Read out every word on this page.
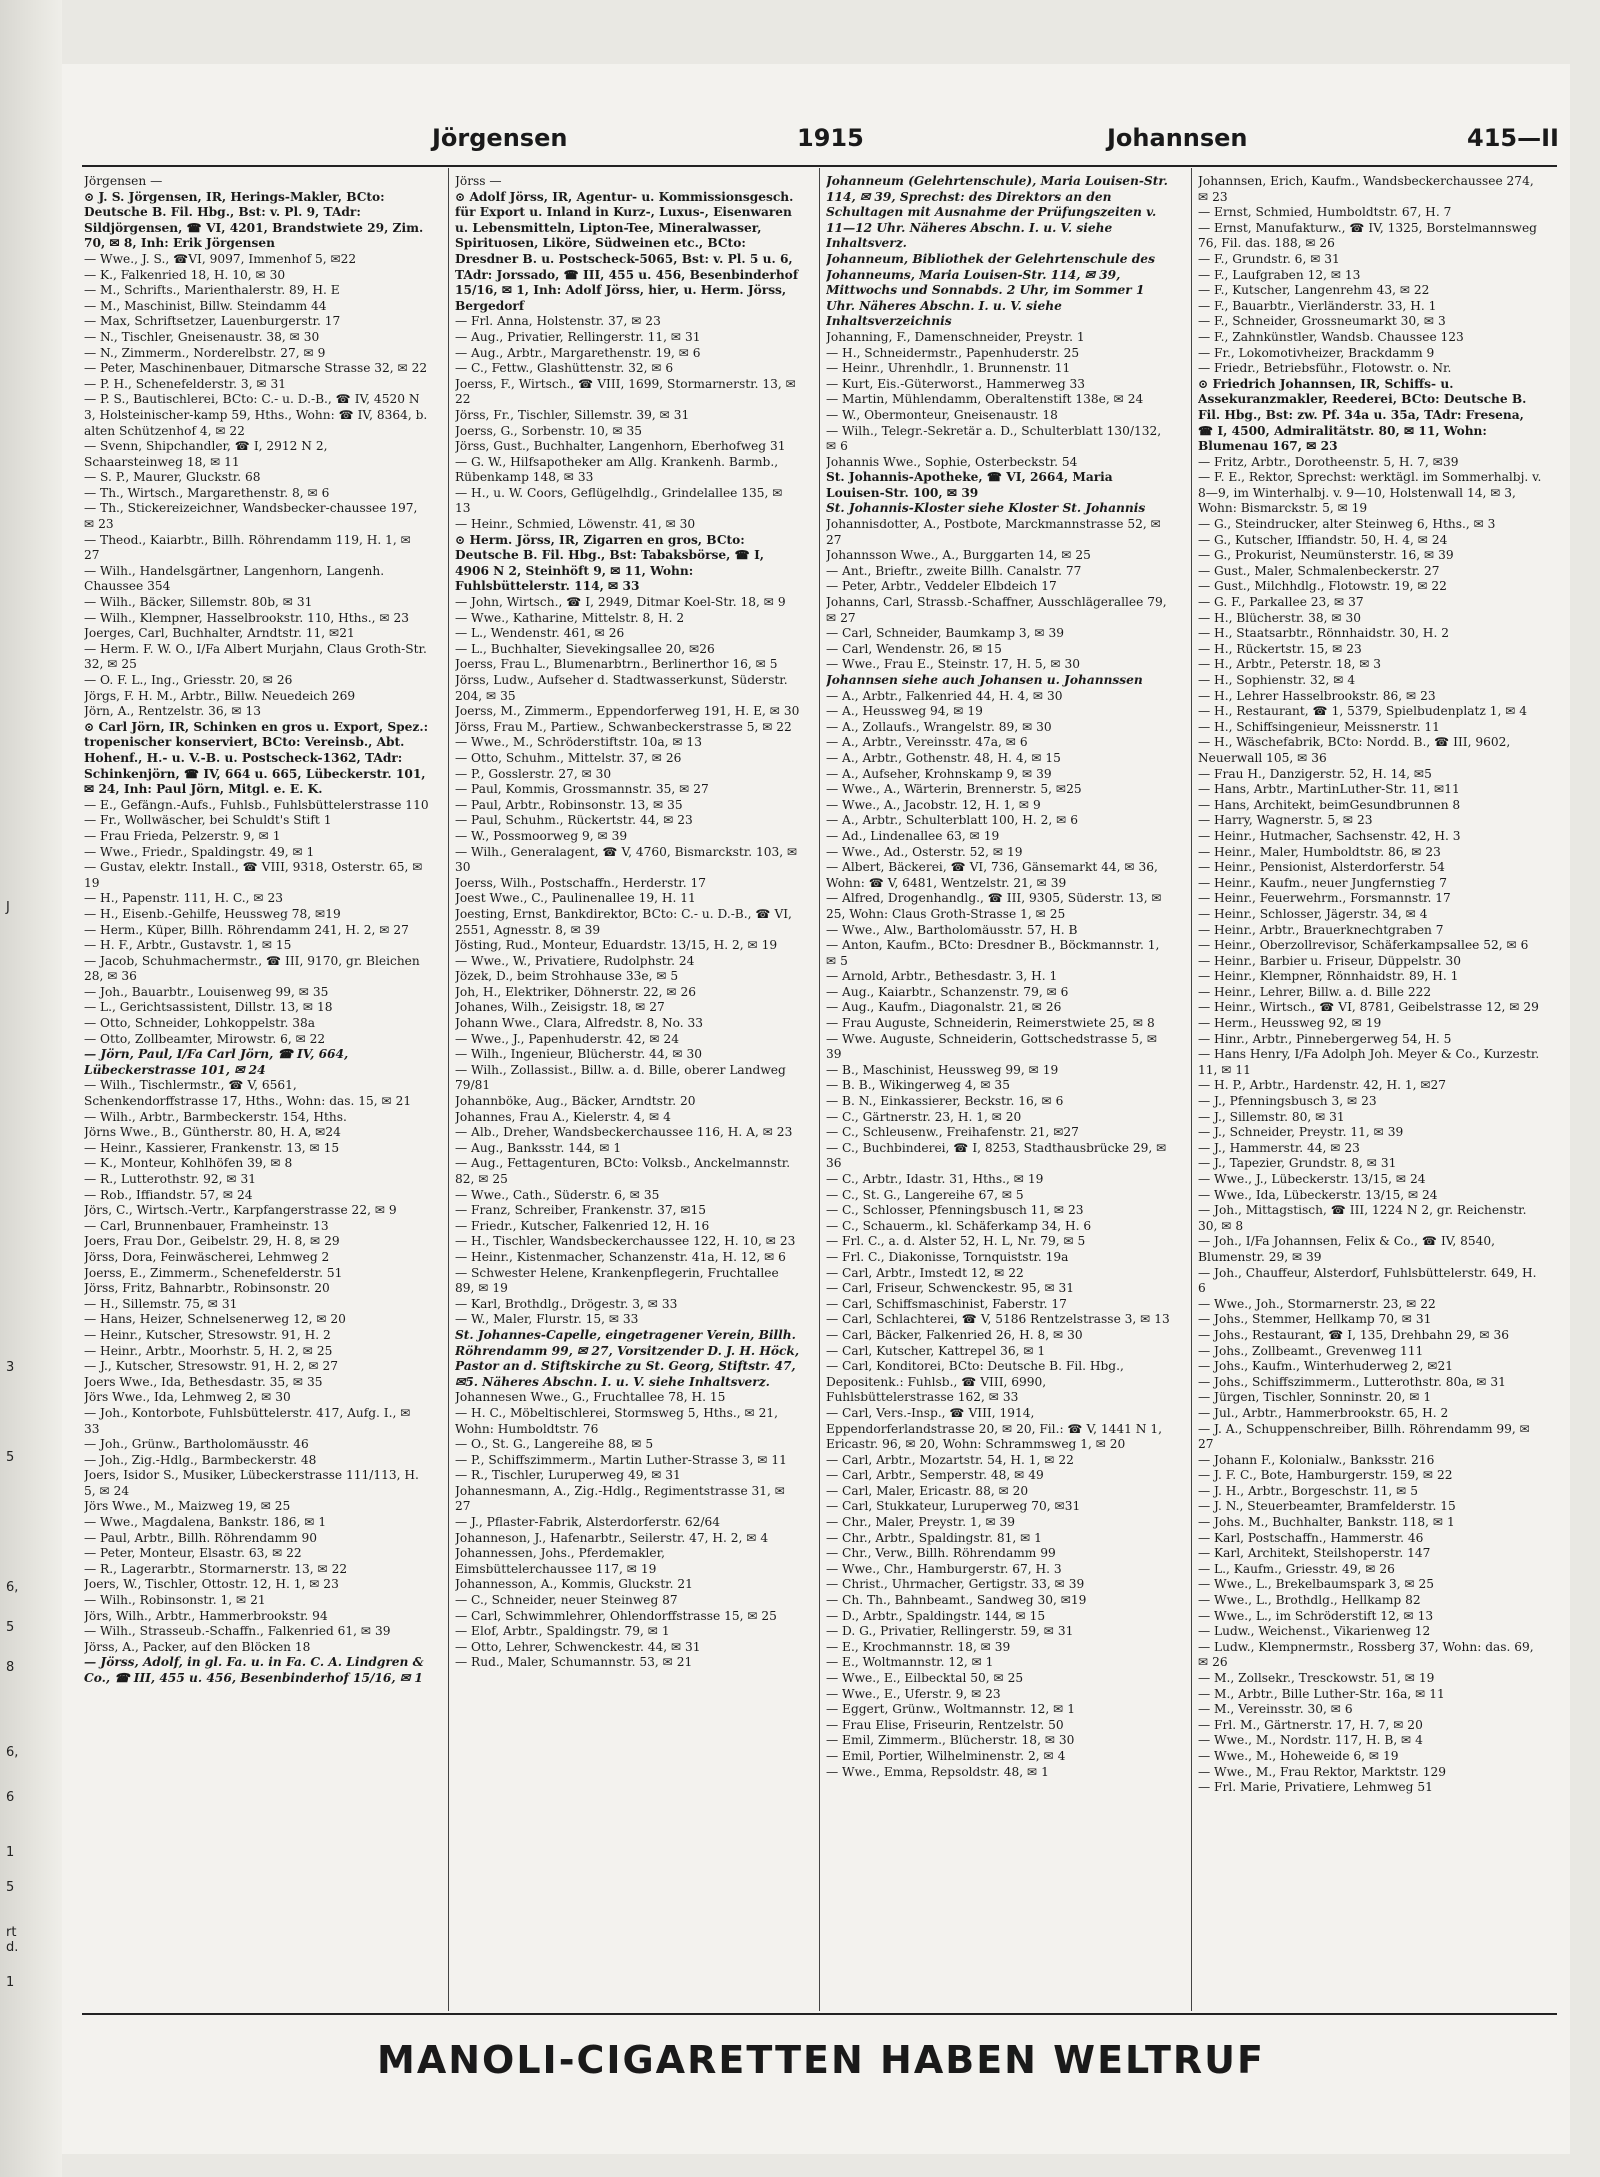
Jörgensen	1915	Johannsen	415—II
Jörgensen —
⊙ J. S. Jörgensen, IR, Herings-Makler, BCto: Deutsche B. Fil. Hbg., Bst: v. Pl. 9, TAdr: Sildjörgensen, ☎ VI, 4201, Brandstwiete 29, Zim. 70, ✉ 8, Inh: Erik Jörgensen
— Wwe., J. S., ☎VI, 9097, Immenhof 5, ✉22
— K., Falkenried 18, H. 10, ✉ 30
— M., Schrifts., Marienthalerstr. 89, H. E
— M., Maschinist, Billw. Steindamm 44
— Max, Schriftsetzer, Lauenburgerstr. 17
— N., Tischler, Gneisenaustr. 38, ✉ 30
— N., Zimmerm., Norderelbstr. 27, ✉ 9
— Peter, Maschinenbauer, Ditmarsche Strasse 32, ✉ 22
— P. H., Schenefelderstr. 3, ✉ 31
— P. S., Bautischlerei, BCto: C.- u. D.-B., ☎ IV, 4520 N 3, Holsteinischer-kamp 59, Hths., Wohn: ☎ IV, 8364, b. alten Schützenhof 4, ✉ 22
— Svenn, Shipchandler, ☎ I, 2912 N 2, Schaarsteinweg 18, ✉ 11
— S. P., Maurer, Gluckstr. 68
— Th., Wirtsch., Margarethenstr. 8, ✉ 6
— Th., Stickereizeichner, Wandsbecker-chaussee 197, ✉ 23
— Theod., Kaiarbtr., Billh. Röhrendamm 119, H. 1, ✉ 27
— Wilh., Handelsgärtner, Langenhorn, Langenh. Chaussee 354
— Wilh., Bäcker, Sillemstr. 80b, ✉ 31
— Wilh., Klempner, Hasselbrookstr. 110, Hths., ✉ 23
Joerges, Carl, Buchhalter, Arndtstr. 11, ✉21
— Herm. F. W. O., I/Fa Albert Murjahn, Claus Groth-Str. 32, ✉ 25
— O. F. L., Ing., Griesstr. 20, ✉ 26
Jörgs, F. H. M., Arbtr., Billw. Neuedeich 269
Jörn, A., Rentzelstr. 36, ✉ 13
⊙ Carl Jörn, IR, Schinken en gros u. Export, Spez.: tropenischer konserviert, BCto: Vereinsb., Abt. Hohenf., H.- u. V.-B. u. Postscheck-1362, TAdr: Schinkenjörn, ☎ IV, 664 u. 665, Lübeckerstr. 101, ✉ 24, Inh: Paul Jörn, Mitgl. e. E. K.
— E., Gefängn.-Aufs., Fuhlsb., Fuhlsbüttelerstrasse 110
— Fr., Wollwäscher, bei Schuldt's Stift 1
— Frau Frieda, Pelzerstr. 9, ✉ 1
— Wwe., Friedr., Spaldingstr. 49, ✉ 1
— Gustav, elektr. Install., ☎ VIII, 9318, Osterstr. 65, ✉ 19
— H., Papenstr. 111, H. C., ✉ 23
— H., Eisenb.-Gehilfe, Heussweg 78, ✉19
— Herm., Küper, Billh. Röhrendamm 241, H. 2, ✉ 27
— H. F., Arbtr., Gustavstr. 1, ✉ 15
— Jacob, Schuhmachermstr., ☎ III, 9170, gr. Bleichen 28, ✉ 36
— Joh., Bauarbtr., Louisenweg 99, ✉ 35
— L., Gerichtsassistent, Dillstr. 13, ✉ 18
— Otto, Schneider, Lohkoppelstr. 38a
— Otto, Zollbeamter, Mirowstr. 6, ✉ 22
— Jörn, Paul, I/Fa Carl Jörn, ☎ IV, 664, Lübeckerstrasse 101, ✉ 24
— Wilh., Tischlermstr., ☎ V, 6561, Schenkendorffstrasse 17, Hths., Wohn: das. 15, ✉ 21
— Wilh., Arbtr., Barmbeckerstr. 154, Hths.
Jörns Wwe., B., Güntherstr. 80, H. A, ✉24
— Heinr., Kassierer, Frankenstr. 13, ✉ 15
— K., Monteur, Kohlhöfen 39, ✉ 8
— R., Lutterothstr. 92, ✉ 31
— Rob., Iffiandstr. 57, ✉ 24
Jörs, C., Wirtsch.-Vertr., Karpfangerstrasse 22, ✉ 9
— Carl, Brunnenbauer, Framheinstr. 13
Joers, Frau Dor., Geibelstr. 29, H. 8, ✉ 29
Jörss, Dora, Feinwäscherei, Lehmweg 2
Joerss, E., Zimmerm., Schenefelderstr. 51
Jörss, Fritz, Bahnarbtr., Robinsonstr. 20
— H., Sillemstr. 75, ✉ 31
— Hans, Heizer, Schnelsenerweg 12, ✉ 20
— Heinr., Kutscher, Stresowstr. 91, H. 2
— Heinr., Arbtr., Moorhstr. 5, H. 2, ✉ 25
— J., Kutscher, Stresowstr. 91, H. 2, ✉ 27
Joers Wwe., Ida, Bethesdastr. 35, ✉ 35
Jörs Wwe., Ida, Lehmweg 2, ✉ 30
— Joh., Kontorbote, Fuhlsbüttelerstr. 417, Aufg. I., ✉ 33
— Joh., Grünw., Bartholomäusstr. 46
— Joh., Zig.-Hdlg., Barmbeckerstr. 48
Joers, Isidor S., Musiker, Lübeckerstrasse 111/113, H. 5, ✉ 24
Jörs Wwe., M., Maizweg 19, ✉ 25
— Wwe., Magdalena, Bankstr. 186, ✉ 1
— Paul, Arbtr., Billh. Röhrendamm 90
— Peter, Monteur, Elsastr. 63, ✉ 22
— R., Lagerarbtr., Stormarnerstr. 13, ✉ 22
Joers, W., Tischler, Ottostr. 12, H. 1, ✉ 23
— Wilh., Robinsonstr. 1, ✉ 21
Jörs, Wilh., Arbtr., Hammerbrookstr. 94
— Wilh., Strasseub.-Schaffn., Falkenried 61, ✉ 39
Jörss, A., Packer, auf den Blöcken 18
— Jörss, Adolf, in gl. Fa. u. in Fa. C. A. Lindgren & Co., ☎ III, 455 u. 456, Besenbinderhof 15/16, ✉ 1
Jörss —
⊙ Adolf Jörss, IR, Agentur- u. Kommissionsgesch. für Export u. Inland in Kurz-, Luxus-, Eisenwaren u. Lebensmitteln, Lipton-Tee, Mineralwasser, Spirituosen, Liköre, Südweinen etc., BCto: Dresdner B. u. Postscheck-5065, Bst: v. Pl. 5 u. 6, TAdr: Jorssado, ☎ III, 455 u. 456, Besenbinderhof 15/16, ✉ 1, Inh: Adolf Jörss, hier, u. Herm. Jörss, Bergedorf
— Frl. Anna, Holstenstr. 37, ✉ 23
— Aug., Privatier, Rellingerstr. 11, ✉ 31
— Aug., Arbtr., Margarethenstr. 19, ✉ 6
— C., Fettw., Glashüttenstr. 32, ✉ 6
Joerss, F., Wirtsch., ☎ VIII, 1699, Stormarnerstr. 13, ✉ 22
Jörss, Fr., Tischler, Sillemstr. 39, ✉ 31
Joerss, G., Sorbenstr. 10, ✉ 35
Jörss, Gust., Buchhalter, Langenhorn, Eberhofweg 31
— G. W., Hilfsapotheker am Allg. Krankenh. Barmb., Rübenkamp 148, ✉ 33
— H., u. W. Coors, Geflügelhdlg., Grindelallee 135, ✉ 13
— Heinr., Schmied, Löwenstr. 41, ✉ 30
⊙ Herm. Jörss, IR, Zigarren en gros, BCto: Deutsche B. Fil. Hbg., Bst: Tabaksbörse, ☎ I, 4906 N 2, Steinhöft 9, ✉ 11, Wohn: Fuhlsbüttelerstr. 114, ✉ 33
— John, Wirtsch., ☎ I, 2949, Ditmar Koel-Str. 18, ✉ 9
— Wwe., Katharine, Mittelstr. 8, H. 2
— L., Wendenstr. 461, ✉ 26
— L., Buchhalter, Sievekingsallee 20, ✉26
Joerss, Frau L., Blumenarbtrn., Berlinerthor 16, ✉ 5
Jörss, Ludw., Aufseher d. Stadtwasserkunst, Süderstr. 204, ✉ 35
Joerss, M., Zimmerm., Eppendorferweg 191, H. E, ✉ 30
Jörss, Frau M., Partiew., Schwanbeckerstrasse 5, ✉ 22
— Wwe., M., Schröderstiftstr. 10a, ✉ 13
— Otto, Schuhm., Mittelstr. 37, ✉ 26
— P., Gosslerstr. 27, ✉ 30
— Paul, Kommis, Grossmannstr. 35, ✉ 27
— Paul, Arbtr., Robinsonstr. 13, ✉ 35
— Paul, Schuhm., Rückertstr. 44, ✉ 23
— W., Possmoorweg 9, ✉ 39
— Wilh., Generalagent, ☎ V, 4760, Bismarckstr. 103, ✉ 30
Joerss, Wilh., Postschaffn., Herderstr. 17
Joest Wwe., C., Paulinenallee 19, H. 11
Joesting, Ernst, Bankdirektor, BCto: C.- u. D.-B., ☎ VI, 2551, Agnesstr. 8, ✉ 39
Jösting, Rud., Monteur, Eduardstr. 13/15, H. 2, ✉ 19
— Wwe., W., Privatiere, Rudolphstr. 24
Jözek, D., beim Strohhause 33e, ✉ 5
Joh, H., Elektriker, Döhnerstr. 22, ✉ 26
Johanes, Wilh., Zeisigstr. 18, ✉ 27
Johann Wwe., Clara, Alfredstr. 8, No. 33
— Wwe., J., Papenhuderstr. 42, ✉ 24
— Wilh., Ingenieur, Blücherstr. 44, ✉ 30
— Wilh., Zollassist., Billw. a. d. Bille, oberer Landweg 79/81
Johannböke, Aug., Bäcker, Arndtstr. 20
Johannes, Frau A., Kielerstr. 4, ✉ 4
— Alb., Dreher, Wandsbeckerchaussee 116, H. A, ✉ 23
— Aug., Banksstr. 144, ✉ 1
— Aug., Fettagenturen, BCto: Volksb., Anckelmannstr. 82, ✉ 25
— Wwe., Cath., Süderstr. 6, ✉ 35
— Franz, Schreiber, Frankenstr. 37, ✉15
— Friedr., Kutscher, Falkenried 12, H. 16
— H., Tischler, Wandsbeckerchaussee 122, H. 10, ✉ 23
— Heinr., Kistenmacher, Schanzenstr. 41a, H. 12, ✉ 6
— Schwester Helene, Krankenpflegerin, Fruchtallee 89, ✉ 19
— Karl, Brothdlg., Drögestr. 3, ✉ 33
— W., Maler, Flurstr. 15, ✉ 33
St. Johannes-Capelle, eingetragener Verein, Billh. Röhrendamm 99, ✉ 27, Vorsitzender D. J. H. Höck, Pastor an d. Stiftskirche zu St. Georg, Stiftstr. 47, ✉5. Näheres Abschn. I. u. V. siehe Inhaltsverz.
Johannesen Wwe., G., Fruchtallee 78, H. 15
— H. C., Möbeltischlerei, Stormsweg 5, Hths., ✉ 21, Wohn: Humboldtstr. 76
— O., St. G., Langereihe 88, ✉ 5
— P., Schiffszimmerm., Martin Luther-Strasse 3, ✉ 11
— R., Tischler, Luruperweg 49, ✉ 31
Johannesmann, A., Zig.-Hdlg., Regimentstrasse 31, ✉ 27
— J., Pflaster-Fabrik, Alsterdorferstr. 62/64
Johanneson, J., Hafenarbtr., Seilerstr. 47, H. 2, ✉ 4
Johannessen, Johs., Pferdemakler, Eimsbüttelerchaussee 117, ✉ 19
Johannesson, A., Kommis, Gluckstr. 21
— C., Schneider, neuer Steinweg 87
— Carl, Schwimmlehrer, Ohlendorffstrasse 15, ✉ 25
— Elof, Arbtr., Spaldingstr. 79, ✉ 1
— Otto, Lehrer, Schwenckestr. 44, ✉ 31
— Rud., Maler, Schumannstr. 53, ✉ 21
Johanneum (Gelehrtenschule), Maria Louisen-Str. 114, ✉ 39, Sprechst: des Direktors an den Schultagen mit Ausnahme der Prüfungszeiten v. 11—12 Uhr. Näheres Abschn. I. u. V. siehe Inhaltsverz.
Johanneum, Bibliothek der Gelehrtenschule des Johanneums, Maria Louisen-Str. 114, ✉ 39, Mittwochs und Sonnabds. 2 Uhr, im Sommer 1 Uhr. Näheres Abschn. I. u. V. siehe Inhaltsverzeichnis
Johanning, F., Damenschneider, Preystr. 1
— H., Schneidermstr., Papenhuderstr. 25
— Heinr., Uhrenhdlr., 1. Brunnenstr. 11
— Kurt, Eis.-Güterworst., Hammerweg 33
— Martin, Mühlendamm, Oberaltenstift 138e, ✉ 24
— W., Obermonteur, Gneisenaustr. 18
— Wilh., Telegr.-Sekretär a. D., Schulterblatt 130/132, ✉ 6
Johannis Wwe., Sophie, Osterbeckstr. 54
St. Johannis-Apotheke, ☎ VI, 2664, Maria Louisen-Str. 100, ✉ 39
St. Johannis-Kloster siehe Kloster St. Johannis
Johannisdotter, A., Postbote, Marckmannstrasse 52, ✉ 27
Johannsson Wwe., A., Burggarten 14, ✉ 25
— Ant., Brieftr., zweite Billh. Canalstr. 77
— Peter, Arbtr., Veddeler Elbdeich 17
Johanns, Carl, Strassb.-Schaffner, Ausschlägerallee 79, ✉ 27
— Carl, Schneider, Baumkamp 3, ✉ 39
— Carl, Wendenstr. 26, ✉ 15
— Wwe., Frau E., Steinstr. 17, H. 5, ✉ 30
Johannsen siehe auch Johansen u. Johannssen
— A., Arbtr., Falkenried 44, H. 4, ✉ 30
— A., Heussweg 94, ✉ 19
— A., Zollaufs., Wrangelstr. 89, ✉ 30
— A., Arbtr., Vereinsstr. 47a, ✉ 6
— A., Arbtr., Gothenstr. 48, H. 4, ✉ 15
— A., Aufseher, Krohnskamp 9, ✉ 39
— Wwe., A., Wärterin, Brennerstr. 5, ✉25
— Wwe., A., Jacobstr. 12, H. 1, ✉ 9
— A., Arbtr., Schulterblatt 100, H. 2, ✉ 6
— Ad., Lindenallee 63, ✉ 19
— Wwe., Ad., Osterstr. 52, ✉ 19
— Albert, Bäckerei, ☎ VI, 736, Gänsemarkt 44, ✉ 36, Wohn: ☎ V, 6481, Wentzelstr. 21, ✉ 39
— Alfred, Drogenhandlg., ☎ III, 9305, Süderstr. 13, ✉25, Wohn: Claus Groth-Strasse 1, ✉ 25
— Wwe., Alw., Bartholomäusstr. 57, H. B
— Anton, Kaufm., BCto: Dresdner B., Böckmannstr. 1, ✉ 5
— Arnold, Arbtr., Bethesdastr. 3, H. 1
— Aug., Kaiarbtr., Schanzenstr. 79, ✉ 6
— Aug., Kaufm., Diagonalstr. 21, ✉ 26
— Frau Auguste, Schneiderin, Reimerstwiete 25, ✉ 8
— Wwe. Auguste, Schneiderin, Gottschedstrasse 5, ✉ 39
— B., Maschinist, Heussweg 99, ✉ 19
— B. B., Wikingerweg 4, ✉ 35
— B. N., Einkassierer, Beckstr. 16, ✉ 6
— C., Gärtnerstr. 23, H. 1, ✉ 20
— C., Schleusenw., Freihafenstr. 21, ✉27
— C., Buchbinderei, ☎ I, 8253, Stadthausbrücke 29, ✉ 36
— C., Arbtr., Idastr. 31, Hths., ✉ 19
— C., St. G., Langereihe 67, ✉ 5
— C., Schlosser, Pfenningsbusch 11, ✉ 23
— C., Schauerm., kl. Schäferkamp 34, H. 6
— Frl. C., a. d. Alster 52, H. L, Nr. 79, ✉ 5
— Frl. C., Diakonisse, Tornquiststr. 19a
— Carl, Arbtr., Imstedt 12, ✉ 22
— Carl, Friseur, Schwenckestr. 95, ✉ 31
— Carl, Schiffsmaschinist, Faberstr. 17
— Carl, Schlachterei, ☎ V, 5186 Rentzelstrasse 3, ✉ 13
— Carl, Bäcker, Falkenried 26, H. 8, ✉ 30
— Carl, Kutscher, Kattrepel 36, ✉ 1
— Carl, Konditorei, BCto: Deutsche B. Fil. Hbg., Depositenk.: Fuhlsb., ☎ VIII, 6990, Fuhlsbüttelerstrasse 162, ✉ 33
— Carl, Vers.-Insp., ☎ VIII, 1914, Eppendorferlandstrasse 20, ✉ 20, Fil.: ☎ V, 1441 N 1, Ericastr. 96, ✉ 20, Wohn: Schrammsweg 1, ✉ 20
— Carl, Arbtr., Mozartstr. 54, H. 1, ✉ 22
— Carl, Arbtr., Semperstr. 48, ✉ 49
— Carl, Maler, Ericastr. 88, ✉ 20
— Carl, Stukkateur, Luruperweg 70, ✉31
— Chr., Maler, Preystr. 1, ✉ 39
— Chr., Arbtr., Spaldingstr. 81, ✉ 1
— Chr., Verw., Billh. Röhrendamm 99
— Wwe., Chr., Hamburgerstr. 67, H. 3
— Christ., Uhrmacher, Gertigstr. 33, ✉ 39
— Ch. Th., Bahnbeamt., Sandweg 30, ✉19
— D., Arbtr., Spaldingstr. 144, ✉ 15
— D. G., Privatier, Rellingerstr. 59, ✉ 31
— E., Krochmannstr. 18, ✉ 39
— E., Woltmannstr. 12, ✉ 1
— Wwe., E., Eilbecktal 50, ✉ 25
— Wwe., E., Uferstr. 9, ✉ 23
— Eggert, Grünw., Woltmannstr. 12, ✉ 1
— Frau Elise, Friseurin, Rentzelstr. 50
— Emil, Zimmerm., Blücherstr. 18, ✉ 30
— Emil, Portier, Wilhelminenstr. 2, ✉ 4
— Wwe., Emma, Repsoldstr. 48, ✉ 1
Johannsen, Erich, Kaufm., Wandsbeckerchaussee 274, ✉ 23
— Ernst, Schmied, Humboldtstr. 67, H. 7
— Ernst, Manufakturw., ☎ IV, 1325, Borstelmannsweg 76, Fil. das. 188, ✉ 26
— F., Grundstr. 6, ✉ 31
— F., Laufgraben 12, ✉ 13
— F., Kutscher, Langenrehm 43, ✉ 22
— F., Bauarbtr., Vierländerstr. 33, H. 1
— F., Schneider, Grossneumarkt 30, ✉ 3
— F., Zahnkünstler, Wandsb. Chaussee 123
— Fr., Lokomotivheizer, Brackdamm 9
— Friedr., Betriebsführ., Flotowstr. o. Nr.
⊙ Friedrich Johannsen, IR, Schiffs- u. Assekuranzmakler, Reederei, BCto: Deutsche B. Fil. Hbg., Bst: zw. Pf. 34a u. 35a, TAdr: Fresena, ☎ I, 4500, Admiralitätstr. 80, ✉ 11, Wohn: Blumenau 167, ✉ 23
— Fritz, Arbtr., Dorotheenstr. 5, H. 7, ✉39
— F. E., Rektor, Sprechst: werktägl. im Sommerhalbj. v. 8—9, im Winterhalbj. v. 9—10, Holstenwall 14, ✉ 3, Wohn: Bismarckstr. 5, ✉ 19
— G., Steindrucker, alter Steinweg 6, Hths., ✉ 3
— G., Kutscher, Iffiandstr. 50, H. 4, ✉ 24
— G., Prokurist, Neumünsterstr. 16, ✉ 39
— Gust., Maler, Schmalenbeckerstr. 27
— Gust., Milchhdlg., Flotowstr. 19, ✉ 22
— G. F., Parkallee 23, ✉ 37
— H., Blücherstr. 38, ✉ 30
— H., Staatsarbtr., Rönnhaidstr. 30, H. 2
— H., Rückertstr. 15, ✉ 23
— H., Arbtr., Peterstr. 18, ✉ 3
— H., Sophienstr. 32, ✉ 4
— H., Lehrer Hasselbrookstr. 86, ✉ 23
— H., Restaurant, ☎ 1, 5379, Spielbudenplatz 1, ✉ 4
— H., Schiffsingenieur, Meissnerstr. 11
— H., Wäschefabrik, BCto: Nordd. B., ☎ III, 9602, Neuerwall 105, ✉ 36
— Frau H., Danzigerstr. 52, H. 14, ✉5
— Hans, Arbtr., MartinLuther-Str. 11, ✉11
— Hans, Architekt, beimGesundbrunnen 8
— Harry, Wagnerstr. 5, ✉ 23
— Heinr., Hutmacher, Sachsenstr. 42, H. 3
— Heinr., Maler, Humboldtstr. 86, ✉ 23
— Heinr., Pensionist, Alsterdorferstr. 54
— Heinr., Kaufm., neuer Jungfernstieg 7
— Heinr., Feuerwehrm., Forsmannstr. 17
— Heinr., Schlosser, Jägerstr. 34, ✉ 4
— Heinr., Arbtr., Brauerknechtgraben 7
— Heinr., Oberzollrevisor, Schäferkampsallee 52, ✉ 6
— Heinr., Barbier u. Friseur, Düppelstr. 30
— Heinr., Klempner, Rönnhaidstr. 89, H. 1
— Heinr., Lehrer, Billw. a. d. Bille 222
— Heinr., Wirtsch., ☎ VI, 8781, Geibelstrasse 12, ✉ 29
— Herm., Heussweg 92, ✉ 19
— Hinr., Arbtr., Pinnebergerweg 54, H. 5
— Hans Henry, I/Fa Adolph Joh. Meyer & Co., Kurzestr. 11, ✉ 11
— H. P., Arbtr., Hardenstr. 42, H. 1, ✉27
— J., Pfenningsbusch 3, ✉ 23
— J., Sillemstr. 80, ✉ 31
— J., Schneider, Preystr. 11, ✉ 39
— J., Hammerstr. 44, ✉ 23
— J., Tapezier, Grundstr. 8, ✉ 31
— Wwe., J., Lübeckerstr. 13/15, ✉ 24
— Wwe., Ida, Lübeckerstr. 13/15, ✉ 24
— Joh., Mittagstisch, ☎ III, 1224 N 2, gr. Reichenstr. 30, ✉ 8
— Joh., I/Fa Johannsen, Felix & Co., ☎ IV, 8540, Blumenstr. 29, ✉ 39
— Joh., Chauffeur, Alsterdorf, Fuhlsbüttelerstr. 649, H. 6
— Wwe., Joh., Stormarnerstr. 23, ✉ 22
— Johs., Stemmer, Hellkamp 70, ✉ 31
— Johs., Restaurant, ☎ I, 135, Drehbahn 29, ✉ 36
— Johs., Zollbeamt., Grevenweg 111
— Johs., Kaufm., Winterhuderweg 2, ✉21
— Johs., Schiffszimmerm., Lutterothstr. 80a, ✉ 31
— Jürgen, Tischler, Sonninstr. 20, ✉ 1
— Jul., Arbtr., Hammerbrookstr. 65, H. 2
— J. A., Schuppenschreiber, Billh. Röhrendamm 99, ✉ 27
— Johann F., Kolonialw., Banksstr. 216
— J. F. C., Bote, Hamburgerstr. 159, ✉ 22
— J. H., Arbtr., Borgeschstr. 11, ✉ 5
— J. N., Steuerbeamter, Bramfelderstr. 15
— Johs. M., Buchhalter, Bankstr. 118, ✉ 1
— Karl, Postschaffn., Hammerstr. 46
— Karl, Architekt, Steilshoperstr. 147
— L., Kaufm., Griesstr. 49, ✉ 26
— Wwe., L., Brekelbaumspark 3, ✉ 25
— Wwe., L., Brothdlg., Hellkamp 82
— Wwe., L., im Schröderstift 12, ✉ 13
— Ludw., Weichenst., Vikarienweg 12
— Ludw., Klempnermstr., Rossberg 37, Wohn: das. 69, ✉ 26
— M., Zollsekr., Tresckowstr. 51, ✉ 19
— M., Arbtr., Bille Luther-Str. 16a, ✉ 11
— M., Vereinsstr. 30, ✉ 6
— Frl. M., Gärtnerstr. 17, H. 7, ✉ 20
— Wwe., M., Nordstr. 117, H. B, ✉ 4
— Wwe., M., Hoheweide 6, ✉ 19
— Wwe., M., Frau Rektor, Marktstr. 129
— Frl. Marie, Privatiere, Lehmweg 51
MANOLI-CIGARETTEN HABEN WELTRUF
J
3
5
6,
5
8
6,
6
1
5
rt
d.
1
